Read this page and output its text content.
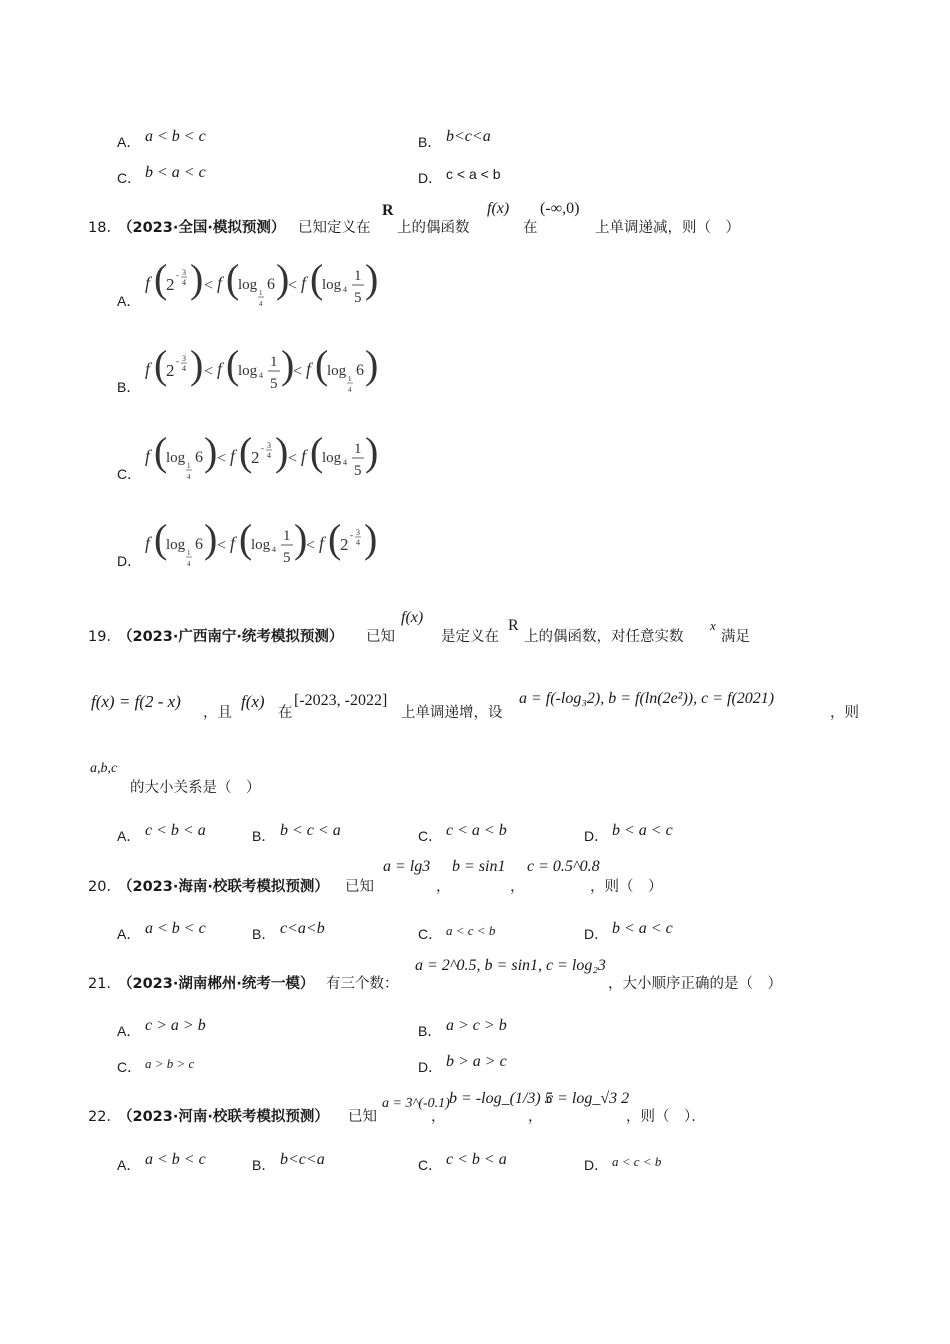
A． a < b < c	B． b<c<a
C． b < a < c	D． c < a < b
18．
（2023·全国·模拟预测） 已知定义在
R
上的偶函数
f(x)
在
(-∞,0)
上单调递减，则（　）
A．
f (
2 - 3
4 ) < f (
log 1
4
6 )
< f (
log 4
1
5 )
B．
f (
2 - 3
4 ) < f (
log 4
1
5 )
< f (
log 1
4
6 )
C．
f (
log 1
4
6 ) < f (
2 - 3
4 ) < f (
log 4
1
5 )
D．
f (
log 1
4
6 ) < f (
log 4
1
5 )
< f (
2 - 3
4 )
19．
（2023·广西南宁·统考模拟预测） 已知
f(x)
是定义在
R
上的偶函数，对任意实数
x
满足
f(x) = f(2 - x)
，且
f(x)
在
[-2023, -2022]
上单调递增，设
a = f(-log₃2), b = f(ln(2e²)), c = f(2021)
，则
a,b,c
的大小关系是（　）
A． c < b < a	B． b < c < a	C． c < a < b	D． b < a < c
20．
（2023·海南·校联考模拟预测） 已知
a = lg3
，
b = sin1
，
c = 0.5^0.8
，则（　）
A． a < b < c	B． c<a<b	C． a < c < b	D． b < a < c
21．
（2023·湖南郴州·统考一模） 有三个数：
a = 2^0.5, b = sin1, c = log₂3
，大小顺序正确的是（　）
A． c > a > b	B． a > c > b
C． a > b > c	D． b > a > c
22．
（2023·河南·校联考模拟预测） 已知
a = 3^(-0.1)
，
b = -log_(1/3) 5
，
c = log_√3 2
，则（　）．
A． a < b < c	B． b<c<a	C． c < b < a	D． a < c < b
